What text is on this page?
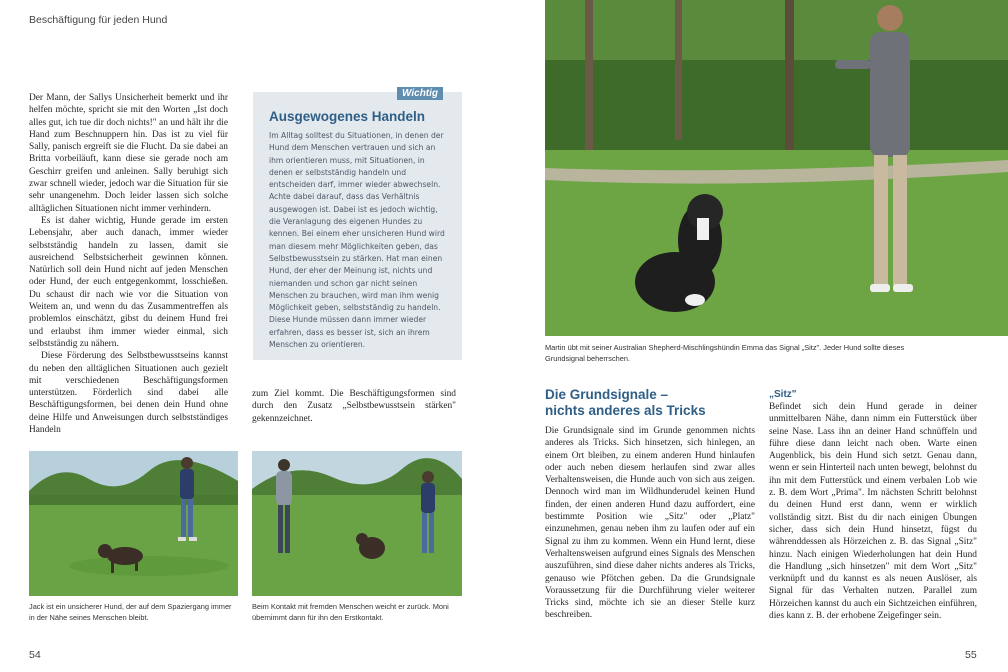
Beschäftigung für jeden Hund

Der Mann, der Sallys Unsicherheit bemerkt und ihr helfen möchte, spricht sie mit den Worten „Ist doch alles gut, ich tue dir doch nichts!" an und hält ihr die Hand zum Beschnuppern hin. Das ist zu viel für Sally, panisch ergreift sie die Flucht. Da sie dabei an Britta vorbeiläuft, kann diese sie gerade noch am Geschirr greifen und anleinen. Sally beruhigt sich zwar schnell wieder, jedoch war die Situation für sie sehr unangenehm. Doch leider lassen sich solche alltäglichen Situationen nicht immer verhindern.

Es ist daher wichtig, Hunde gerade im ersten Lebensjahr, aber auch danach, immer wieder selbstständig handeln zu lassen, damit sie ausreichend Selbstsicherheit gewinnen können. Natürlich soll dein Hund nicht auf jeden Menschen oder Hund, der euch entgegenkommt, losschießen. Du schaust dir nach wie vor die Situation von Weitem an, und wenn du das Zusammentreffen als problemlos einschätzt, gibst du deinem Hund frei und erlaubst ihm immer wieder einmal, sich selbstständig zu nähern.

Diese Förderung des Selbstbewusstseins kannst du neben den alltäglichen Situationen auch gezielt mit verschiedenen Beschäftigungsformen unterstützen. Förderlich sind dabei alle Beschäftigungsformen, bei denen dein Hund ohne deine Hilfe und Anweisungen durch selbstständiges Handeln

Wichtig
Ausgewogenes Handeln
Im Alltag solltest du Situationen, in denen der Hund dem Menschen vertrauen und sich an ihm orientieren muss, mit Situationen, in denen er selbstständig handeln und entscheiden darf, immer wieder abwechseln. Achte dabei darauf, dass das Verhältnis ausgewogen ist. Dabei ist es jedoch wichtig, die Veranlagung des eigenen Hundes zu kennen. Bei einem eher unsicheren Hund wird man diesem mehr Möglichkeiten geben, das Selbstbewusstsein zu stärken. Hat man einen Hund, der eher der Meinung ist, nichts und niemanden und schon gar nicht seinen Menschen zu brauchen, wird man ihm wenig Möglichkeit geben, selbstständig zu handeln. Diese Hunde müssen dann immer wieder erfahren, dass es besser ist, sich an ihrem Menschen zu orientieren.
zum Ziel kommt. Die Beschäftigungsformen sind durch den Zusatz „Selbstbewusstsein stärken" gekennzeichnet.
Jack ist ein unsicherer Hund, der auf dem Spaziergang immer in der Nähe seines Menschen bleibt.
Beim Kontakt mit fremden Menschen weicht er zurück. Moni übernimmt dann für ihn den Erstkontakt.
54
Martin übt mit seiner Australian Shepherd-Mischlingshündin Emma das Signal „Sitz". Jeder Hund sollte dieses Grundsignal beherrschen.
Die Grundsignale –
nichts anderes als Tricks
Die Grundsignale sind im Grunde genommen nichts anderes als Tricks. Sich hinsetzen, sich hinlegen, an einem Ort bleiben, zu einem anderen Hund hinlaufen oder auch neben diesem herlaufen sind zwar alles Verhaltensweisen, die Hunde auch von sich aus zeigen. Dennoch wird man im Wildhunderudel keinen Hund finden, der einen anderen Hund dazu auffordert, eine bestimmte Position wie „Sitz" oder „Platz" einzunehmen, genau neben ihm zu laufen oder auf ein Signal zu ihm zu kommen. Wenn ein Hund lernt, diese Verhaltensweisen aufgrund eines Signals des Menschen auszuführen, sind diese daher nichts anderes als Tricks, genauso wie Pfötchen geben. Da die Grundsignale Voraussetzung für die Durchführung vieler weiterer Tricks sind, möchte ich sie an dieser Stelle kurz beschreiben.
„Sitz"
Befindet sich dein Hund gerade in deiner unmittelbaren Nähe, dann nimm ein Futterstück über seine Nase. Lass ihn an deiner Hand schnüffeln und führe diese dann leicht nach oben. Warte einen Augenblick, bis dein Hund sich setzt. Genau dann, wenn er sein Hinterteil nach unten bewegt, belohnst du ihn mit dem Futterstück und einem verbalen Lob wie z. B. dem Wort „Prima". Im nächsten Schritt belohnst du deinen Hund erst dann, wenn er wirklich vollständig sitzt. Bist du dir nach einigen Übungen sicher, dass sich dein Hund hinsetzt, fügst du währenddessen als Hörzeichen z. B. das Signal „Sitz" hinzu. Nach einigen Wiederholungen hat dein Hund die Handlung „sich hinsetzen" mit dem Wort „Sitz" verknüpft und du kannst es als neuen Auslöser, als Signal für das Verhalten nutzen. Parallel zum Hörzeichen kannst du auch ein Sichtzeichen einführen, dies kann z. B. der erhobene Zeigefinger sein.
55
